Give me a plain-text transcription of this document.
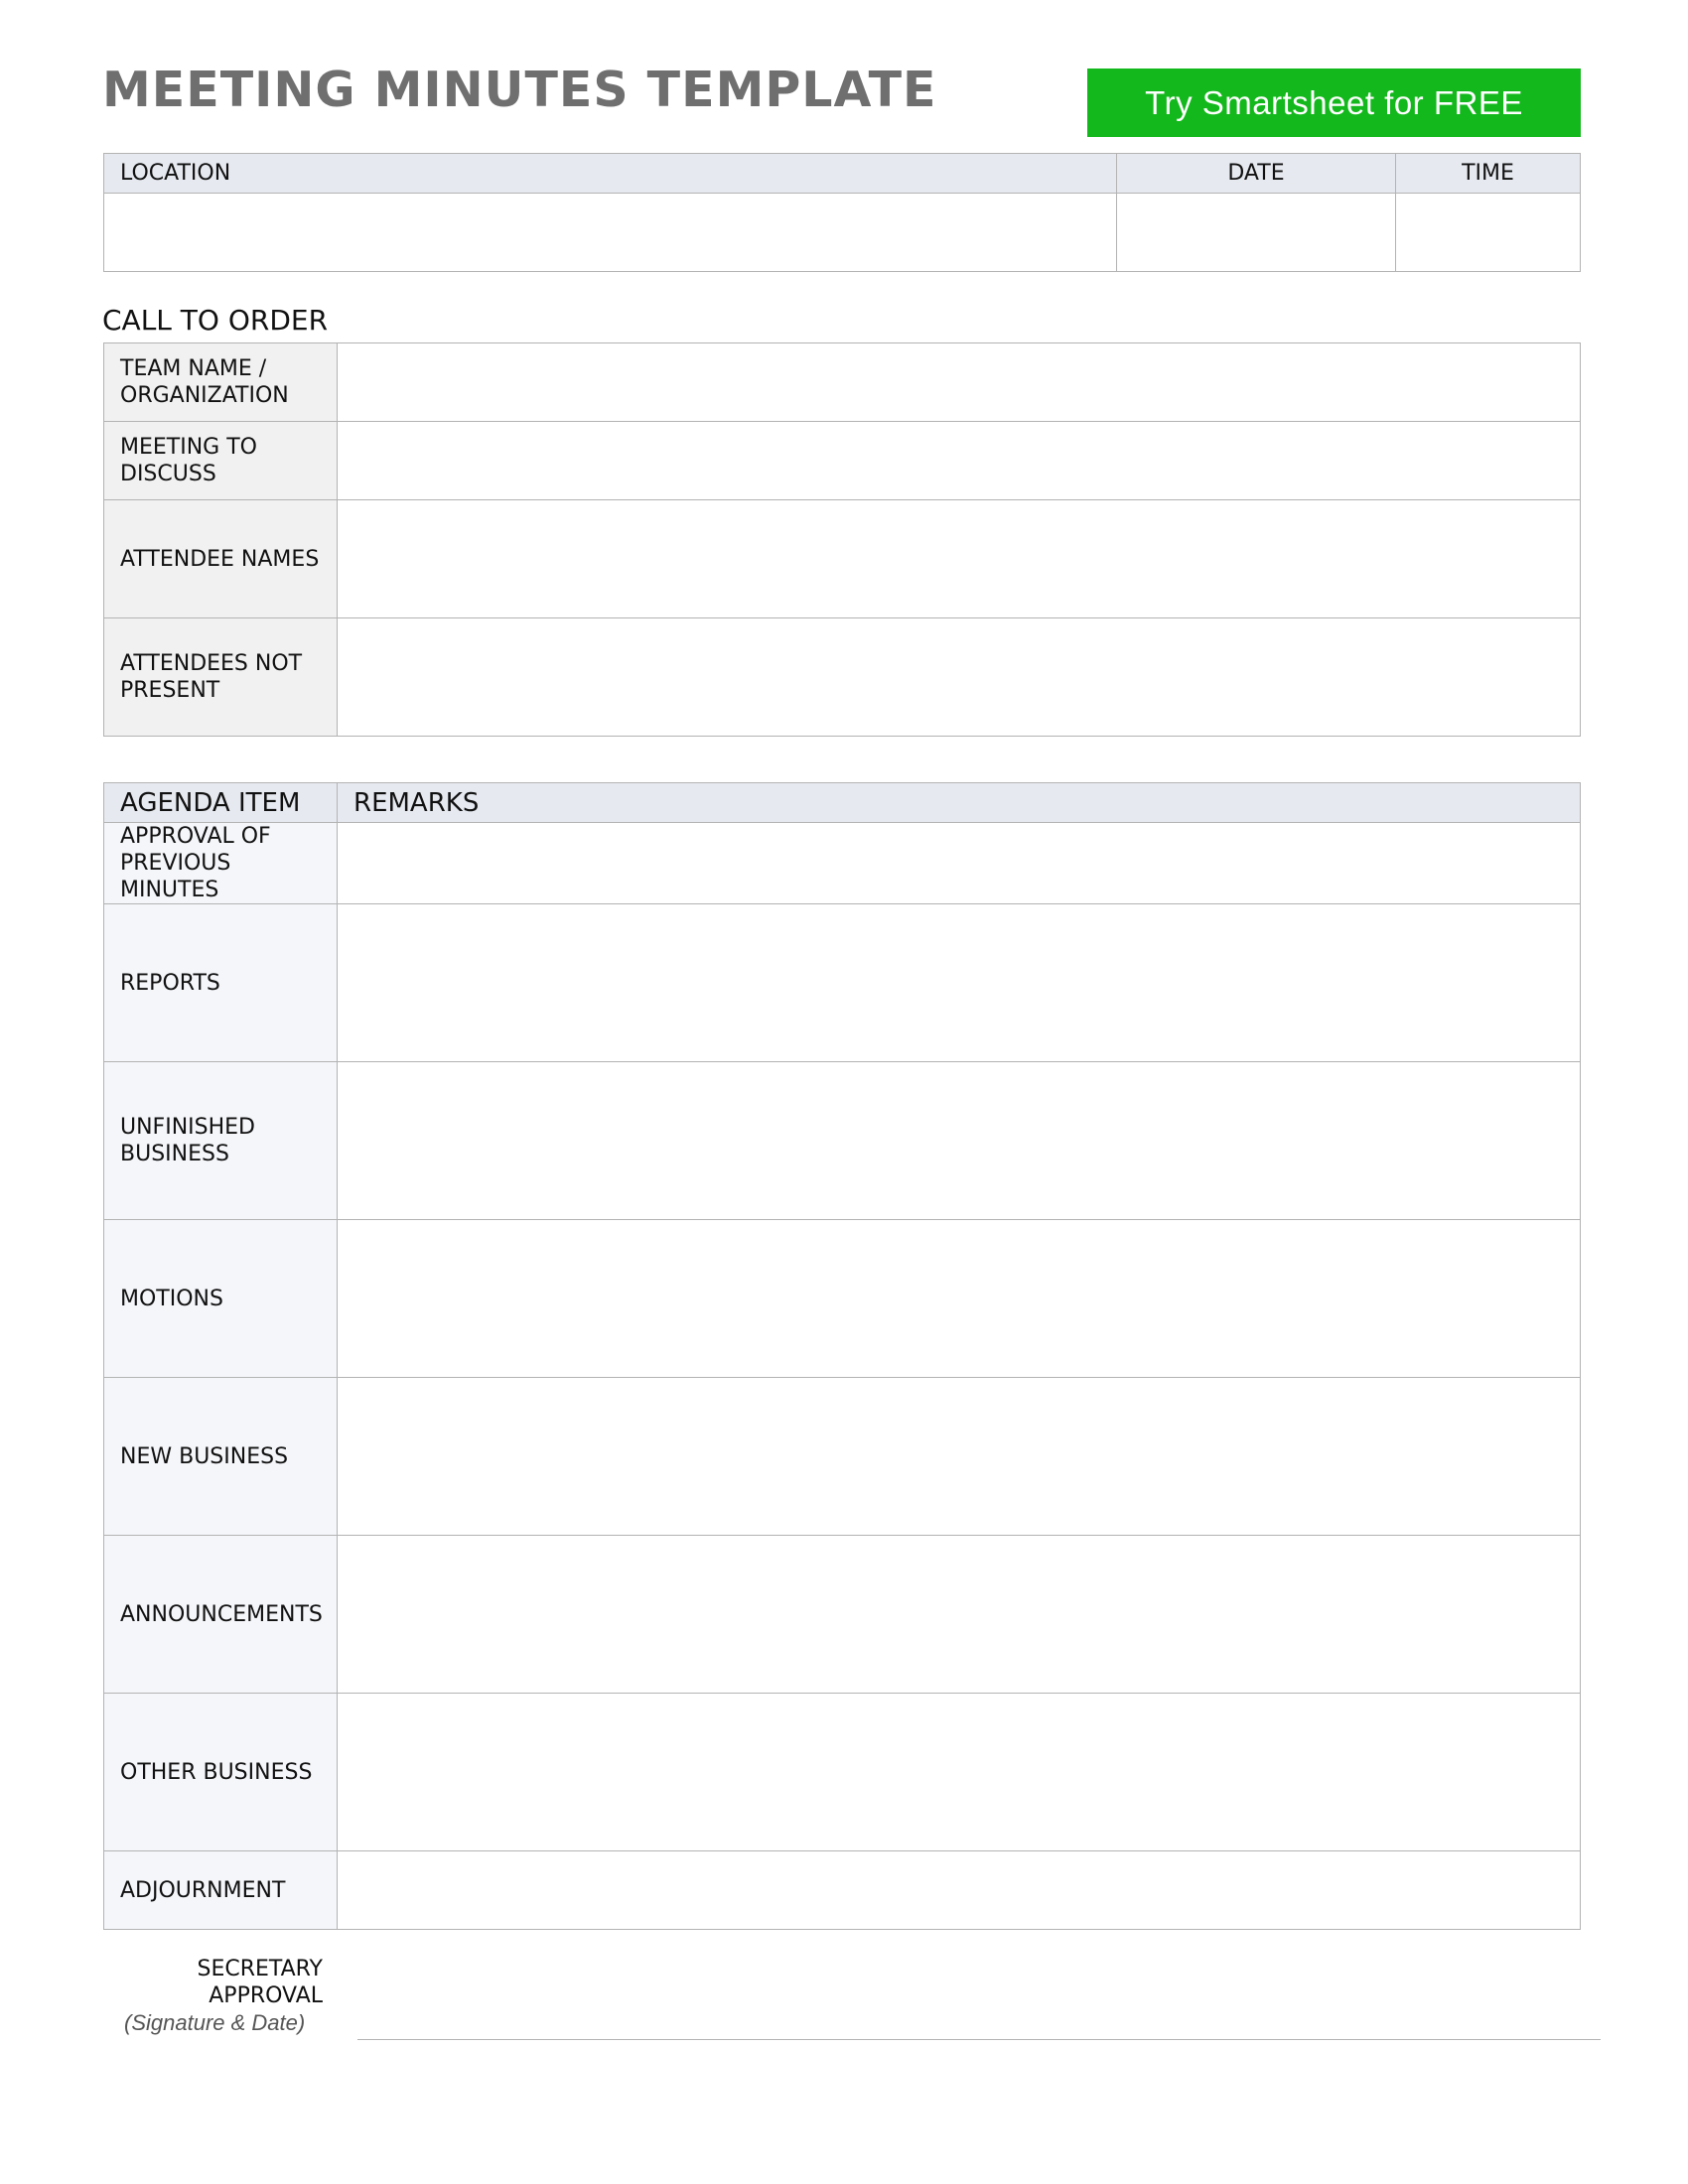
MEETING MINUTES TEMPLATE	Try Smartsheet for FREE
LOCATION	DATE	TIME

CALL TO ORDER
TEAM NAME / ORGANIZATION	
MEETING TO DISCUSS	
ATTENDEE NAMES	
ATTENDEES NOT PRESENT	
AGENDA ITEM	REMARKS
APPROVAL OF PREVIOUS MINUTES	
REPORTS	
UNFINISHED BUSINESS	
MOTIONS	
NEW BUSINESS	
ANNOUNCEMENTS	
OTHER BUSINESS	
ADJOURNMENT	
SECRETARY
APPROVAL
(Signature & Date)
